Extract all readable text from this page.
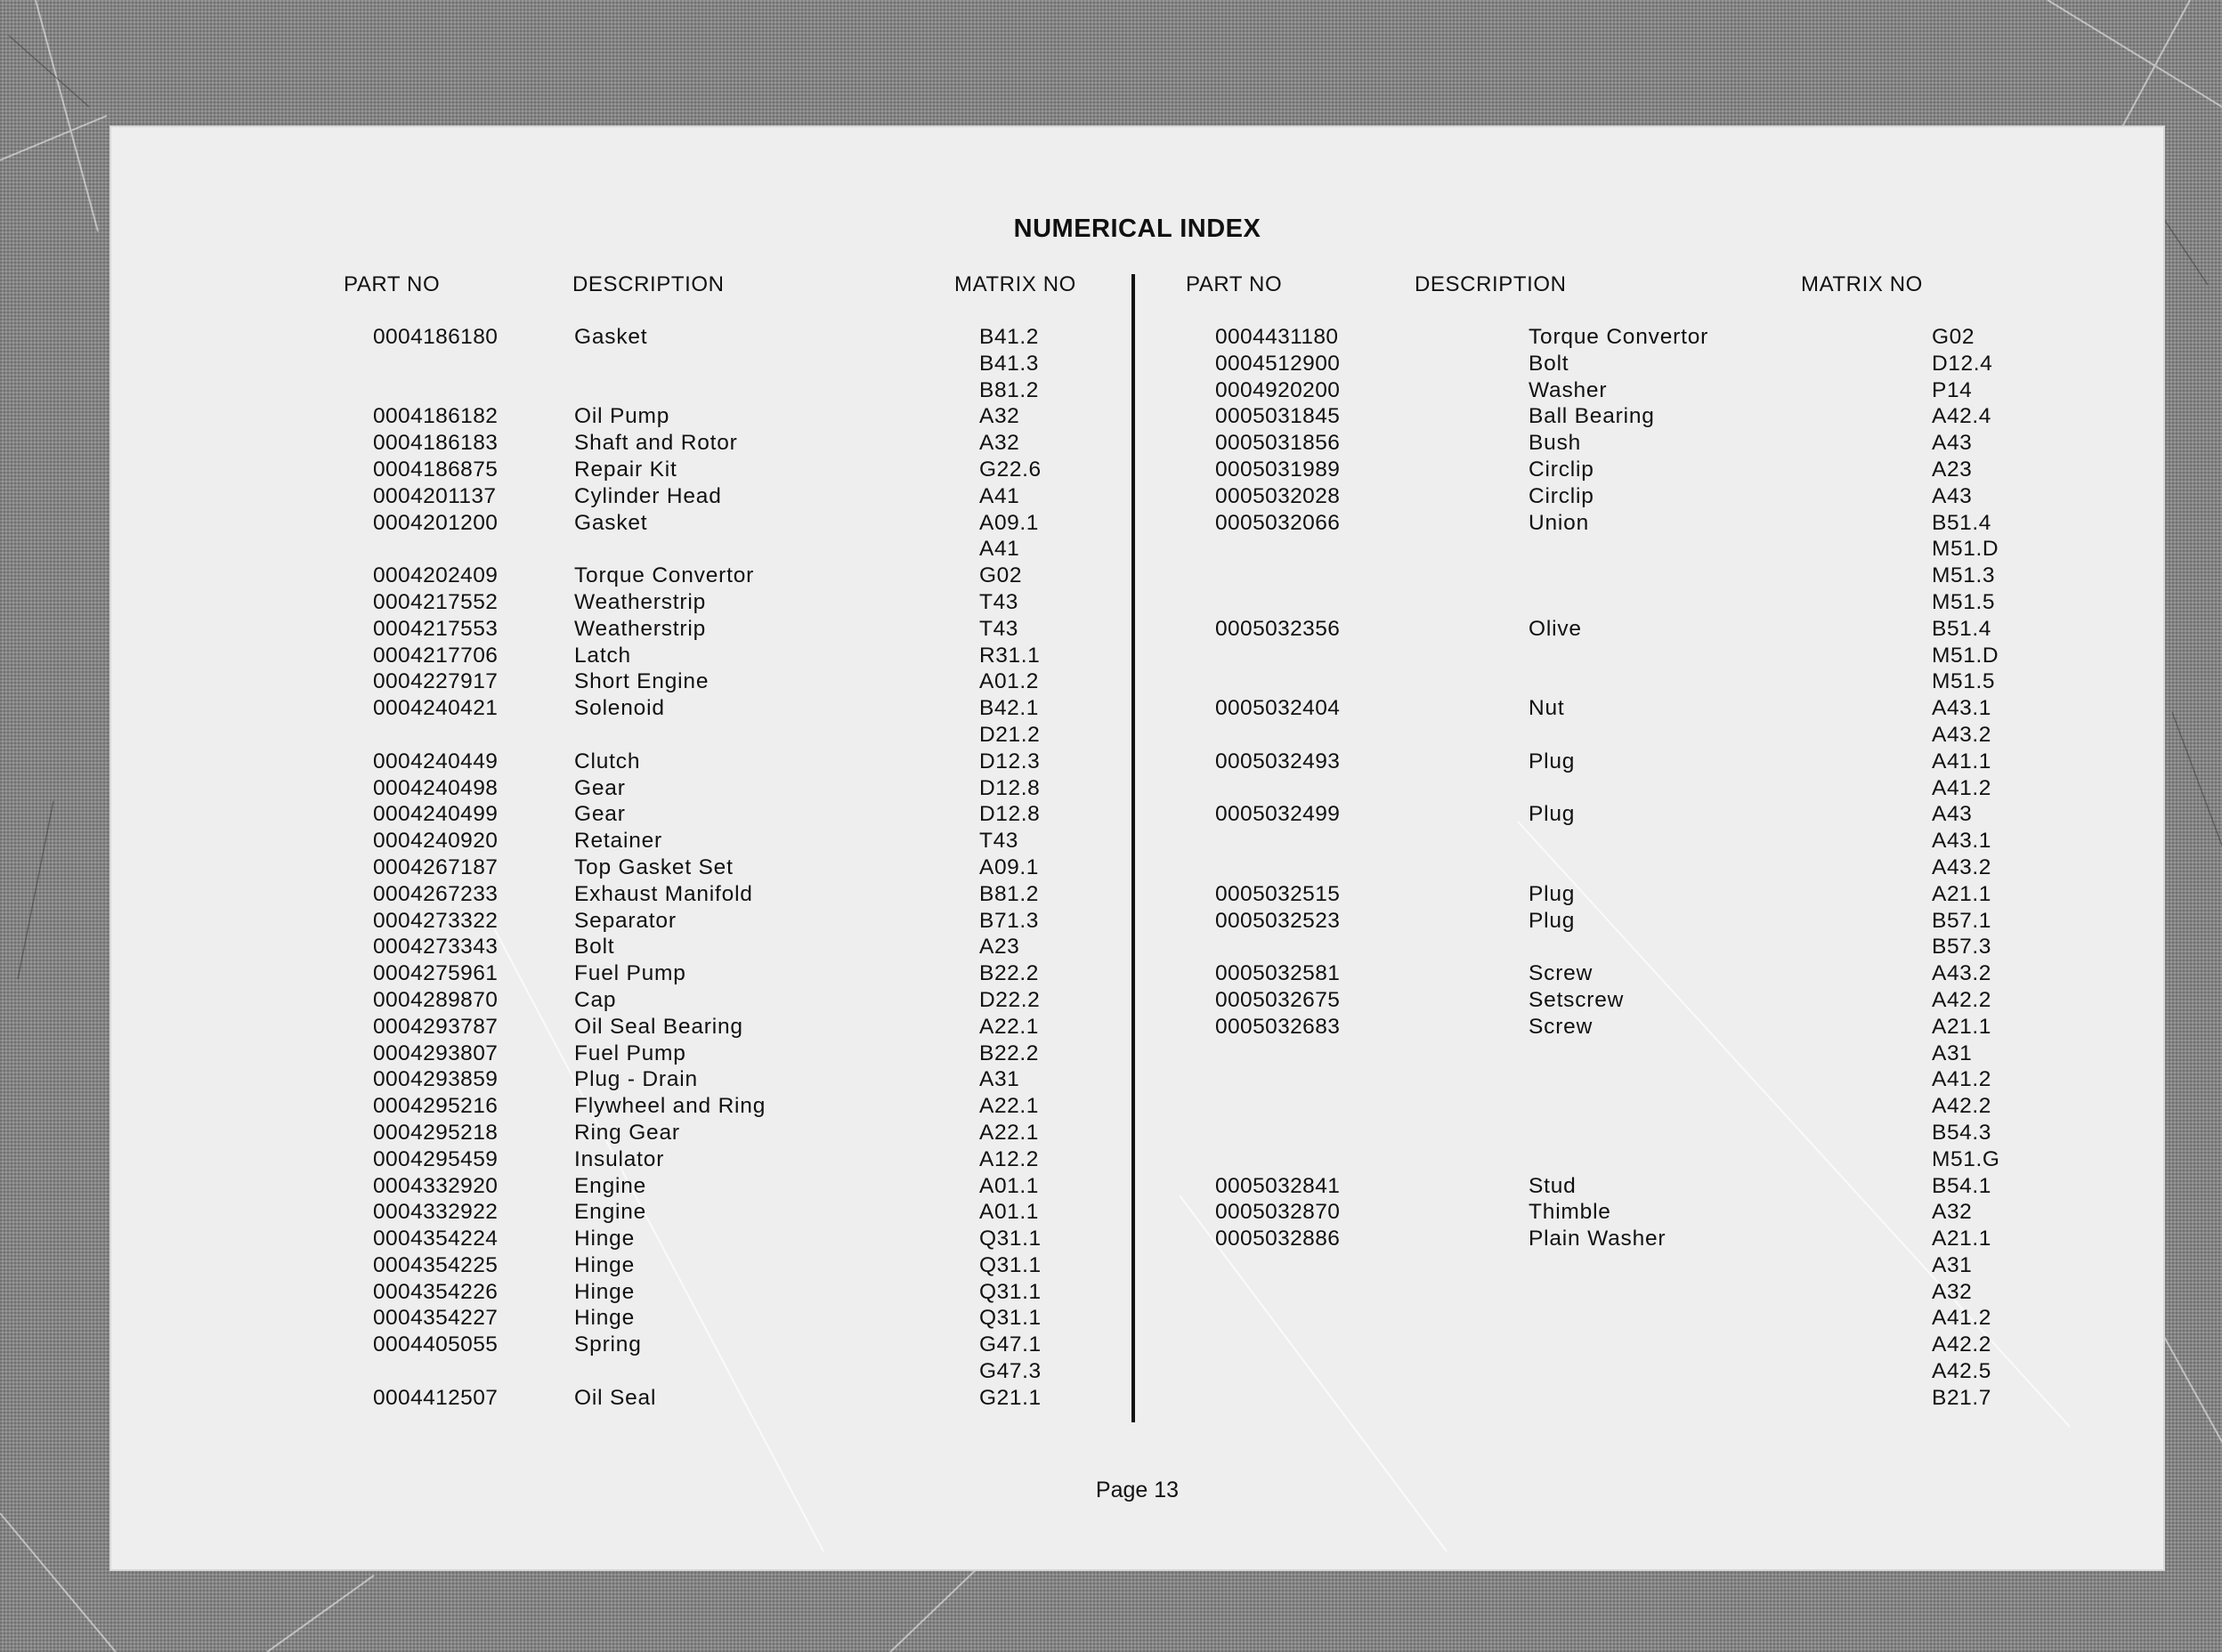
NUMERICAL INDEX
PART NO	DESCRIPTION	MATRIX NO	PART NO	DESCRIPTION	MATRIX NO
0004186180	Gasket	B41.2
B41.3
B81.2
0004186182	Oil Pump	A32
0004186183	Shaft and Rotor	A32
0004186875	Repair Kit	G22.6
0004201137	Cylinder Head	A41
0004201200	Gasket	A09.1
A41
0004202409	Torque Convertor	G02
0004217552	Weatherstrip	T43
0004217553	Weatherstrip	T43
0004217706	Latch	R31.1
0004227917	Short Engine	A01.2
0004240421	Solenoid	B42.1
D21.2
0004240449	Clutch	D12.3
0004240498	Gear	D12.8
0004240499	Gear	D12.8
0004240920	Retainer	T43
0004267187	Top Gasket Set	A09.1
0004267233	Exhaust Manifold	B81.2
0004273322	Separator	B71.3
0004273343	Bolt	A23
0004275961	Fuel Pump	B22.2
0004289870	Cap	D22.2
0004293787	Oil Seal Bearing	A22.1
0004293807	Fuel Pump	B22.2
0004293859	Plug - Drain	A31
0004295216	Flywheel and Ring	A22.1
0004295218	Ring Gear	A22.1
0004295459	Insulator	A12.2
0004332920	Engine	A01.1
0004332922	Engine	A01.1
0004354224	Hinge	Q31.1
0004354225	Hinge	Q31.1
0004354226	Hinge	Q31.1
0004354227	Hinge	Q31.1
0004405055	Spring	G47.1
G47.3
0004412507	Oil Seal	G21.1
0004431180	Torque Convertor	G02
0004512900	Bolt	D12.4
0004920200	Washer	P14
0005031845	Ball Bearing	A42.4
0005031856	Bush	A43
0005031989	Circlip	A23
0005032028	Circlip	A43
0005032066	Union	B51.4
M51.D
M51.3
M51.5
0005032356	Olive	B51.4
M51.D
M51.5
0005032404	Nut	A43.1
A43.2
0005032493	Plug	A41.1
A41.2
0005032499	Plug	A43
A43.1
A43.2
0005032515	Plug	A21.1
0005032523	Plug	B57.1
B57.3
0005032581	Screw	A43.2
0005032675	Setscrew	A42.2
0005032683	Screw	A21.1
A31
A41.2
A42.2
B54.3
M51.G
0005032841	Stud	B54.1
0005032870	Thimble	A32
0005032886	Plain Washer	A21.1
A31
A32
A41.2
A42.2
A42.5
B21.7
Page 13
